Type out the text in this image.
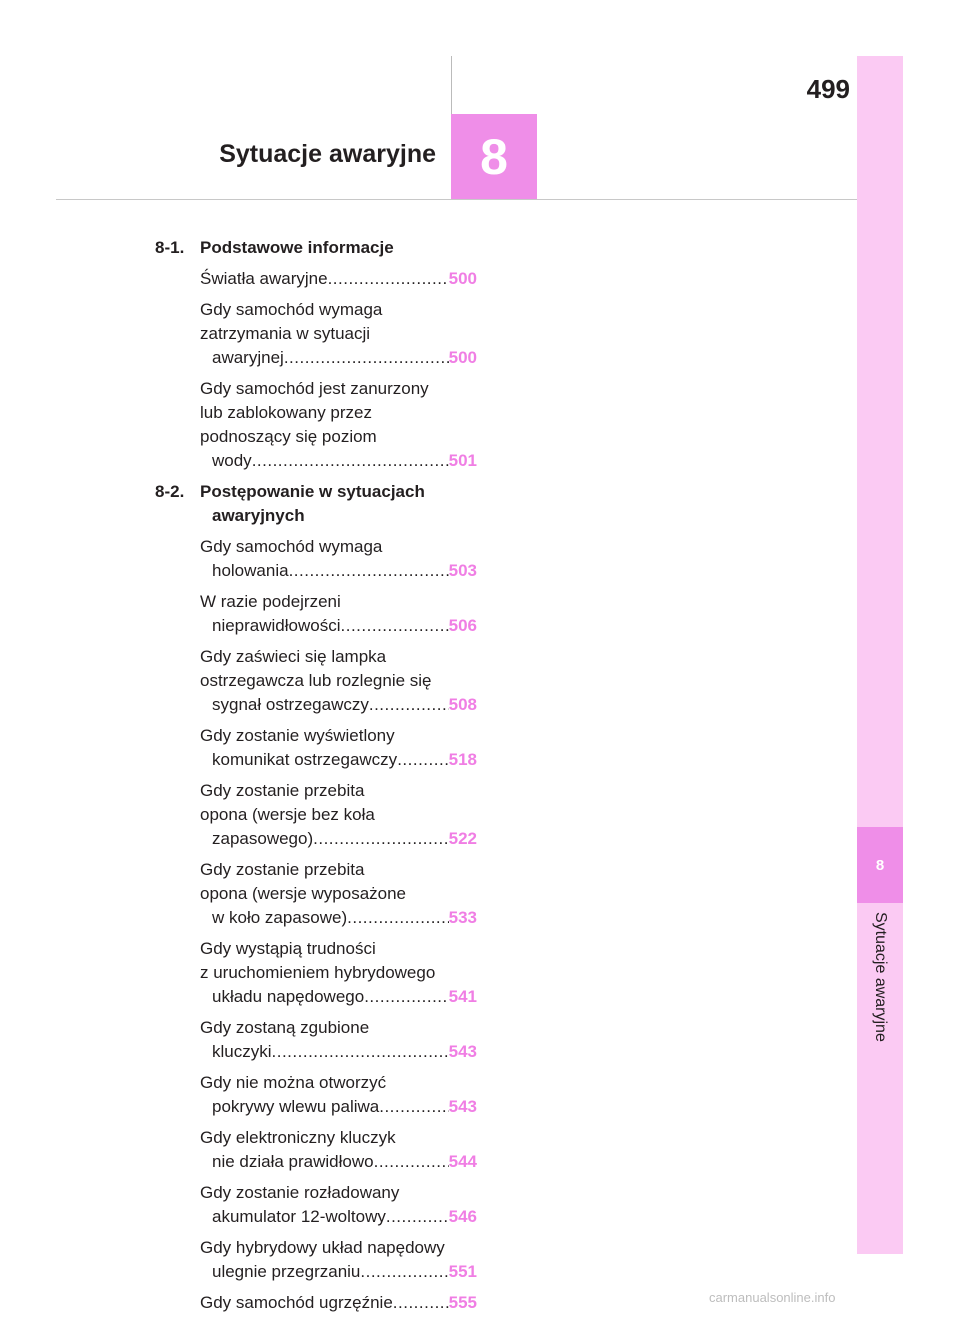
8
Sytuacje awaryjne
499
8
Sytuacje awaryjne
8-1. Podstawowe informacje
Światła awaryjne .....	500
Gdy samochód wymaga
zatrzymania w sytuacji
awaryjnej .....	500
Gdy samochód jest zanurzony
lub zablokowany przez
podnoszący się poziom
wody .....	501
8-2. Postępowanie w sytuacjach awaryjnych
Gdy samochód wymaga
holowania .....	503
W razie podejrzeni
nieprawidłowości .....	506
Gdy zaświeci się lampka
ostrzegawcza lub rozlegnie się
sygnał ostrzegawczy .....	508
Gdy zostanie wyświetlony
komunikat ostrzegawczy .....	518
Gdy zostanie przebita
opona (wersje bez koła
zapasowego) .....	522
Gdy zostanie przebita
opona (wersje wyposażone
w koło zapasowe) .....	533
Gdy wystąpią trudności
z uruchomieniem hybrydowego
układu napędowego .....	541
Gdy zostaną zgubione
kluczyki .....	543
Gdy nie można otworzyć
pokrywy wlewu paliwa .....	543
Gdy elektroniczny kluczyk
nie działa prawidłowo .....	544
Gdy zostanie rozładowany
akumulator 12-woltowy .....	546
Gdy hybrydowy układ napędowy
ulegnie przegrzaniu .....	551
Gdy samochód ugrzęźnie .....	555	carmanualsonline.info
